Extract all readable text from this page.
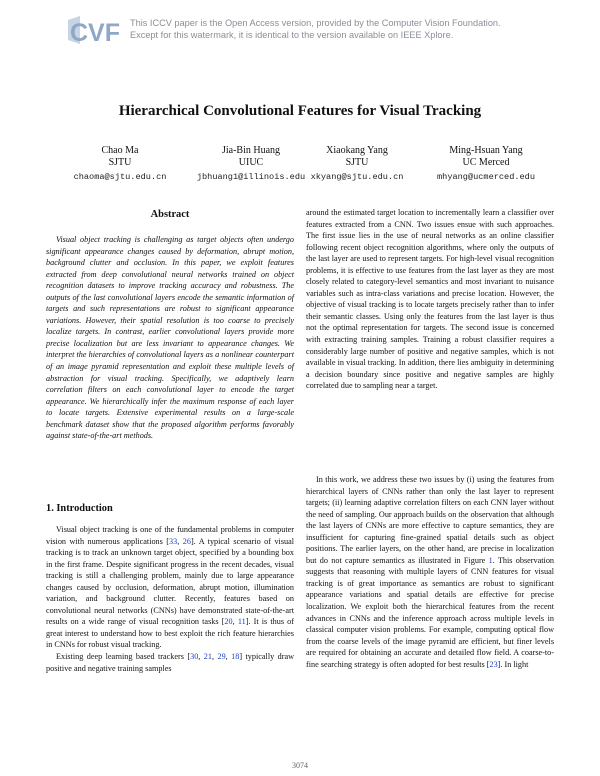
CVF This ICCV paper is the Open Access version, provided by the Computer Vision Foundation.
Except for this watermark, it is identical to the version available on IEEE Xplore.
Hierarchical Convolutional Features for Visual Tracking
Chao Ma
SJTU
Jia-Bin Huang
UIUC
Xiaokang Yang
SJTU
Ming-Hsuan Yang
UC Merced
chaoma@sjtu.edu.cn	jbhuang1@illinois.edu xkyang@sjtu.edu.cn	mhyang@ucmerced.edu
Abstract

Visual object tracking is challenging as target objects often undergo significant appearance changes caused by deformation, abrupt motion, background clutter and occlusion. In this paper, we exploit features extracted from deep convolutional neural networks trained on object recognition datasets to improve tracking accuracy and robustness. The outputs of the last convolutional layers encode the semantic information of targets and such representations are robust to significant appearance variations. However, their spatial resolution is too coarse to precisely localize targets. In contrast, earlier convolutional layers provide more precise localization but are less invariant to appearance changes. We interpret the hierarchies of convolutional layers as a nonlinear counterpart of an image pyramid representation and exploit these multiple levels of abstraction for visual tracking. Specifically, we adaptively learn correlation filters on each convolutional layer to encode the target appearance. We hierarchically infer the maximum response of each layer to locate targets. Extensive experimental results on a large-scale benchmark dataset show that the proposed algorithm performs favorably against state-of-the-art methods.

1. Introduction

Visual object tracking is one of the fundamental problems in computer vision with numerous applications [33, 26]. A typical scenario of visual tracking is to track an unknown target object, specified by a bounding box in the first frame. Despite significant progress in the recent decades, visual tracking is still a challenging problem, mainly due to large appearance changes caused by occlusion, deformation, abrupt motion, illumination variation, and background clutter. Recently, features based on convolutional neural networks (CNNs) have demonstrated state-of-the-art results on a wide range of visual recognition tasks [20, 11]. It is thus of great interest to understand how to best exploit the rich feature hierarchies in CNNs for robust visual tracking.

Existing deep learning based trackers [30, 21, 29, 18] typically draw positive and negative training samples

around the estimated target location to incrementally learn a classifier over features extracted from a CNN. Two issues ensue with such approaches. The first issue lies in the use of neural networks as an online classifier following recent object recognition algorithms, where only the outputs of the last layer are used to represent targets. For high-level visual recognition problems, it is effective to use features from the last layer as they are most closely related to category-level semantics and most invariant to nuisance variables such as intra-class variations and precise location. However, the objective of visual tracking is to locate targets precisely rather than to infer their semantic classes. Using only the features from the last layer is thus not the optimal representation for targets. The second issue is concerned with extracting training samples. Training a robust classifier requires a considerably large number of positive and negative samples, which is not available in visual tracking. In addition, there lies ambiguity in determining a decision boundary since positive and negative samples are highly correlated due to sampling near a target.

In this work, we address these two issues by (i) using the features from hierarchical layers of CNNs rather than only the last layer to represent targets; (ii) learning adaptive correlation filters on each CNN layer without the need of sampling. Our approach builds on the observation that although the last layers of CNNs are more effective to capture semantics, they are insufficient for capturing fine-grained spatial details such as object positions. The earlier layers, on the other hand, are precise in localization but do not capture semantics as illustrated in Figure 1. This observation suggests that reasoning with multiple layers of CNN features for visual tracking is of great importance as semantics are robust to significant appearance variations and spatial details are effective for precise localization. We exploit both the hierarchical features from the recent advances in CNNs and the inference approach across multiple levels in classical computer vision problems. For example, computing optical flow from the coarse levels of the image pyramid are efficient, but finer levels are required for obtaining an accurate and detailed flow field. A coarse-to-fine searching strategy is often adopted for best results [23]. In light

3074
